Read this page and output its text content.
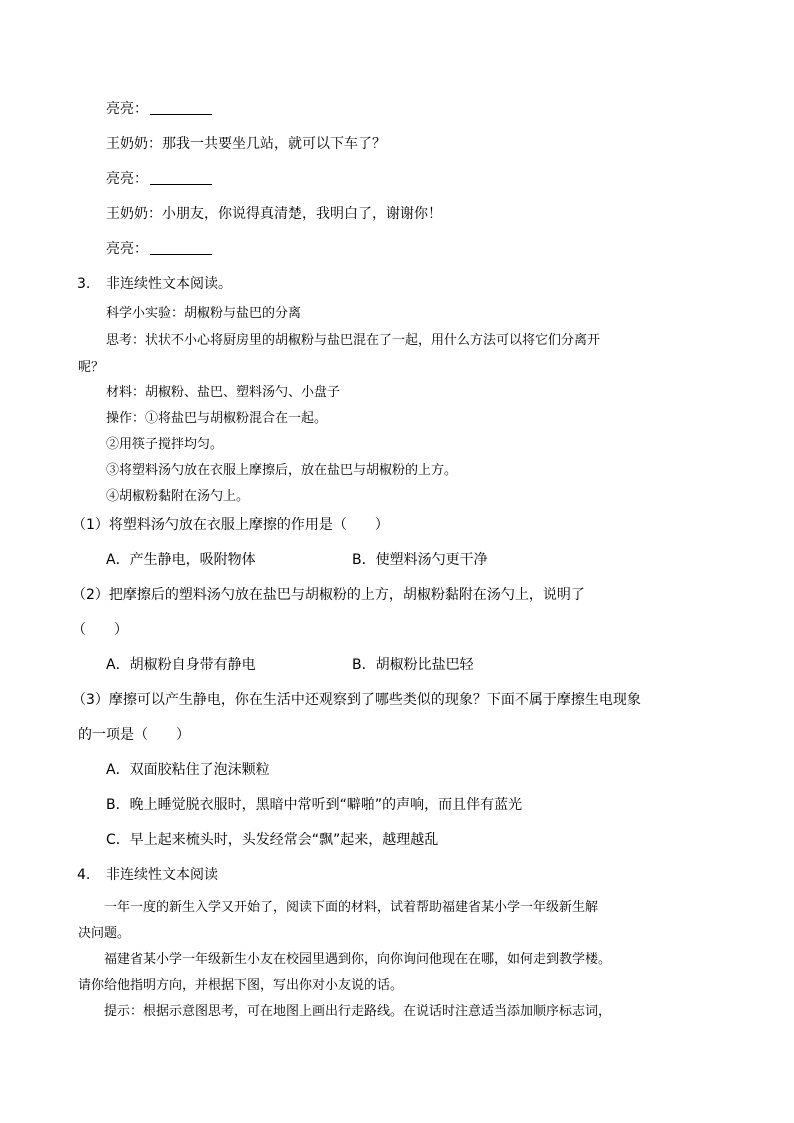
亮亮：
王奶奶：那我一共要坐几站，就可以下车了？
亮亮：
王奶奶：小朋友，你说得真清楚，我明白了，谢谢你！
亮亮：
3. 非连续性文本阅读。
科学小实验：胡椒粉与盐巴的分离
思考：状状不小心将厨房里的胡椒粉与盐巴混在了一起，用什么方法可以将它们分离开
呢？
材料：胡椒粉、盐巴、塑料汤勺、小盘子
操作：①将盐巴与胡椒粉混合在一起。
②用筷子搅拌均匀。
③将塑料汤勺放在衣服上摩擦后，放在盐巴与胡椒粉的上方。
④胡椒粉黏附在汤勺上。
（1）将塑料汤勺放在衣服上摩擦的作用是（　　）
A．产生静电，吸附物体	B．使塑料汤勺更干净
（2）把摩擦后的塑料汤勺放在盐巴与胡椒粉的上方，胡椒粉黏附在汤勺上，说明了
（　　）
A．胡椒粉自身带有静电	B．胡椒粉比盐巴轻
（3）摩擦可以产生静电，你在生活中还观察到了哪些类似的现象？下面不属于摩擦生电现象
的一项是（　　）
A．双面胶粘住了泡沫颗粒
B．晚上睡觉脱衣服时，黑暗中常听到“噼啪”的声响，而且伴有蓝光
C．早上起来梳头时，头发经常会“飘”起来，越理越乱
4. 非连续性文本阅读
一年一度的新生入学又开始了，阅读下面的材料，试着帮助福建省某小学一年级新生解
决问题。
福建省某小学一年级新生小友在校园里遇到你，向你询问他现在在哪，如何走到教学楼。
请你给他指明方向，并根据下图，写出你对小友说的话。
提示：根据示意图思考，可在地图上画出行走路线。在说话时注意适当添加顺序标志词，
